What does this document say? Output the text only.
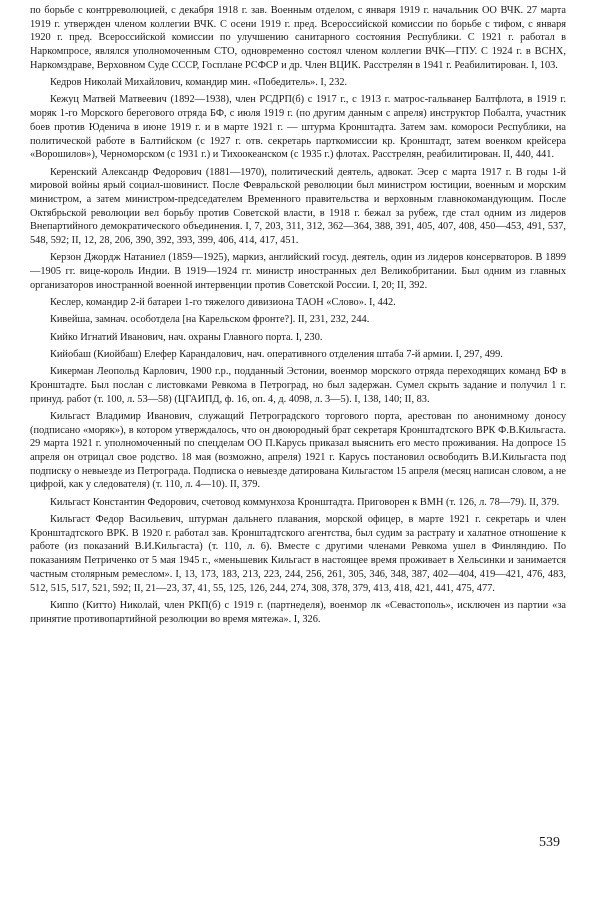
по борьбе с контрреволюцией, с декабря 1918 г. зав. Военным отделом, с января 1919 г. начальник ОО ВЧК. 27 марта 1919 г. утвержден членом коллегии ВЧК. С осени 1919 г. пред. Всероссийской комиссии по борьбе с тифом, с января 1920 г. пред. Всероссийской комиссии по улучшению санитарного состояния Республики. С 1921 г. работал в Наркомпросе, являлся уполномоченным СТО, одновременно состоял членом коллегии ВЧК—ГПУ. С 1924 г. в ВСНХ, Наркомздраве, Верховном Суде СССР, Госплане РСФСР и др. Член ВЦИК. Расстрелян в 1941 г. Реабилитирован. I, 103.

Кедров Николай Михайлович, командир мин. «Победитель». I, 232.

Кежуц Матвей Матвеевич (1892—1938), член РСДРП(б) с 1917 г., с 1913 г. матрос-гальванер Балтфлота, в 1919 г. моряк 1-го Морского берегового отряда БФ, с июля 1919 г. (по другим данным с апреля) инструктор Побалта, участник боев против Юденича в июне 1919 г. и в марте 1921 г. — штурма Кронштадта. Затем зам. комороси Республики, на политической работе в Балтийском (с 1927 г. отв. секретарь парткомиссии кр. Кронштадт, затем военком крейсера «Ворошилов»), Черноморском (с 1931 г.) и Тихоокеанском (с 1935 г.) флотах. Расстрелян, реабилитирован. II, 440, 441.

Керенский Александр Федорович (1881—1970), политический деятель, адвокат. Эсер с марта 1917 г. В годы 1-й мировой войны ярый социал-шовинист. После Февральской революции был министром юстиции, военным и морским министром, а затем министром-председателем Временного правительства и верховным главнокомандующим. После Октябрьской революции вел борьбу против Советской власти, в 1918 г. бежал за рубеж, где стал одним из лидеров Внепартийного демократического объединения. I, 7, 203, 311, 312, 362—364, 388, 391, 405, 407, 408, 450—453, 491, 537, 548, 592; II, 12, 28, 206, 390, 392, 393, 399, 406, 414, 417, 451.

Керзон Джордж Натаниел (1859—1925), маркиз, английский госуд. деятель, один из лидеров консерваторов. В 1899—1905 гг. вице-король Индии. В 1919—1924 гг. министр иностранных дел Великобритании. Был одним из главных организаторов иностранной военной интервенции против Советской России. I, 20; II, 392.

Кеслер, командир 2-й батареи 1-го тяжелого дивизиона ТАОН «Слово». I, 442.

Кивейша, замнач. особотдела [на Карельском фронте?]. II, 231, 232, 244.

Кийко Игнатий Иванович, нач. охраны Главного порта. I, 230.

Кийобаш (Киойбаш) Елефер Карандалович, нач. оперативного отделения штаба 7-й армии. I, 297, 499.

Кикерман Леопольд Карлович, 1900 г.р., подданный Эстонии, военмор морского отряда переходящих команд БФ в Кронштадте. Был послан с листовками Ревкома в Петроград, но был задержан. Сумел скрыть задание и получил 1 г. принуд. работ (т. 100, л. 53—58) (ЦГАИПД, ф. 16, оп. 4, д. 4098, л. 3—5). I, 138, 140; II, 83.

Кильгаст Владимир Иванович, служащий Петроградского торгового порта, арестован по анонимному доносу (подписано «моряк»), в котором утверждалось, что он двоюродный брат секретаря Кронштадтского ВРК Ф.В.Кильгаста. 29 марта 1921 г. уполномоченный по спецделам ОО П.Карусь приказал выяснить его место проживания. На допросе 15 апреля он отрицал свое родство. 18 мая (возможно, апреля) 1921 г. Карусь постановил освободить В.И.Кильгаста под подписку о невыезде из Петрограда. Подписка о невыезде датирована Кильгастом 15 апреля (месяц написан словом, а не цифрой, как у следователя) (т. 110, л. 4—10). II, 379.

Кильгаст Константин Федорович, счетовод коммунхоза Кронштадта. Приговорен к ВМН (т. 126, л. 78—79). II, 379.

Кильгаст Федор Васильевич, штурман дальнего плавания, морской офицер, в марте 1921 г. секретарь и член Кронштадтского ВРК. В 1920 г. работал зав. Кронштадтского агентства, был судим за растрату и халатное отношение к работе (из показаний В.И.Кильгаста) (т. 110, л. 6). Вместе с другими членами Ревкома ушел в Финляндию. По показаниям Петриченко от 5 мая 1945 г., «меньшевик Кильгаст в настоящее время проживает в Хельсинки и занимается частным столярным ремеслом». I, 13, 173, 183, 213, 223, 244, 256, 261, 305, 346, 348, 387, 402—404, 419—421, 476, 483, 512, 515, 517, 521, 592; II, 21—23, 37, 41, 55, 125, 126, 244, 274, 308, 378, 379, 413, 418, 421, 441, 475, 477.

Киппо (Китто) Николай, член РКП(б) с 1919 г. (партнеделя), военмор лк «Севастополь», исключен из партии «за принятие противопартийной резолюции во время мятежа». I, 326.

539
